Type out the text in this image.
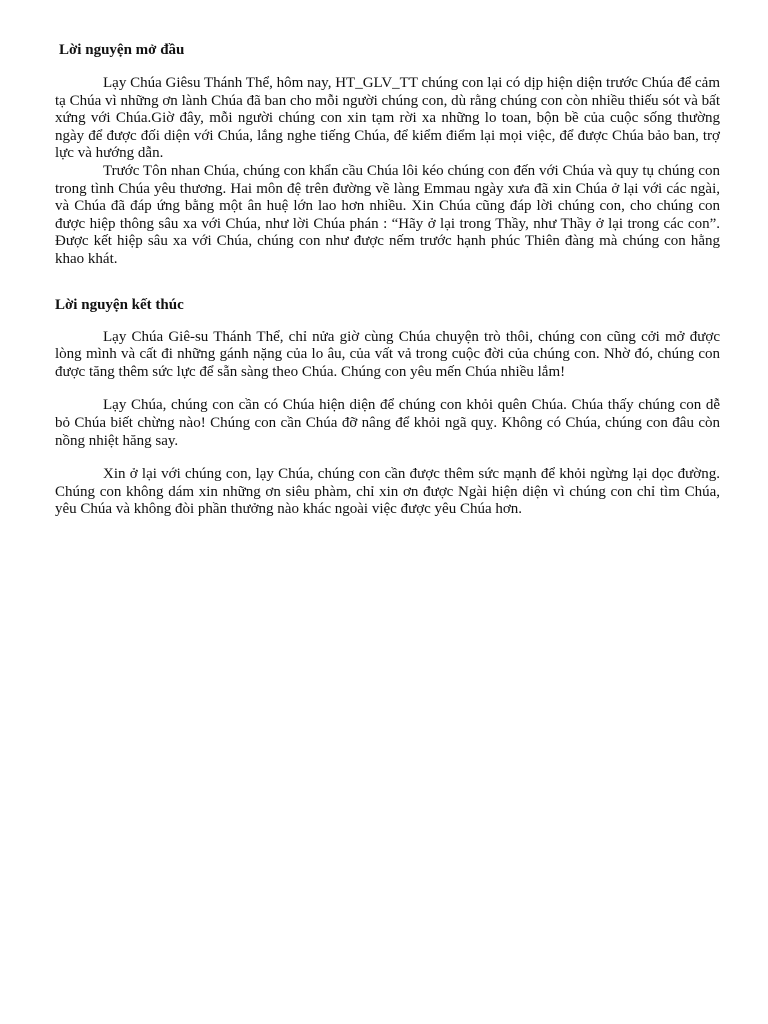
Lời nguyện mở đầu

Lạy Chúa Giêsu Thánh Thể, hôm nay, HT_GLV_TT chúng con lại có dịp hiện diện trước Chúa để cảm tạ Chúa vì những ơn lành Chúa đã ban cho mỗi người chúng con, dù rằng chúng con còn nhiều thiếu sót và bất xứng với Chúa.Giờ đây, mỗi người chúng con xin tạm rời xa những lo toan, bộn bề của cuộc sống thường ngày để được đối diện với Chúa, lắng nghe tiếng Chúa, để kiểm điểm lại mọi việc, để được Chúa bảo ban, trợ lực và hướng dẫn.

Trước Tôn nhan Chúa, chúng con khẩn cầu Chúa lôi kéo chúng con đến với Chúa và quy tụ chúng con trong tình Chúa yêu thương. Hai môn đệ trên đường về làng Emmau ngày xưa đã xin Chúa ở lại với các ngài, và Chúa đã đáp ứng bằng một ân huệ lớn lao hơn nhiều. Xin Chúa cũng đáp lời chúng con, cho chúng con được hiệp thông sâu xa với Chúa, như lời Chúa phán : “Hãy ở lại trong Thầy, như Thầy ở lại trong các con”. Được kết hiệp sâu xa với Chúa, chúng con như được nếm trước hạnh phúc Thiên đàng mà chúng con hằng khao khát.

Lời nguyện kết thúc

Lạy Chúa Giê-su Thánh Thể, chỉ nửa giờ cùng Chúa chuyện trò thôi, chúng con cũng cởi mở được lòng mình và cất đi những gánh nặng của lo âu, của vất vả trong cuộc đời của chúng con. Nhờ đó, chúng con được tăng thêm sức lực để sẵn sàng theo Chúa. Chúng con yêu mến Chúa nhiều lắm!

Lạy Chúa, chúng con cần có Chúa hiện diện để chúng con khỏi quên Chúa. Chúa thấy chúng con dễ bỏ Chúa biết chừng nào! Chúng con cần Chúa đỡ nâng để khỏi ngã quỵ. Không có Chúa, chúng con đâu còn nồng nhiệt hăng say.

Xin ở lại với chúng con, lạy Chúa, chúng con cần được thêm sức mạnh để khỏi ngừng lại dọc đường. Chúng con không dám xin những ơn siêu phàm, chỉ xin ơn được Ngài hiện diện vì chúng con chỉ tìm Chúa, yêu Chúa và không đòi phần thưởng nào khác ngoài việc được yêu Chúa hơn.
